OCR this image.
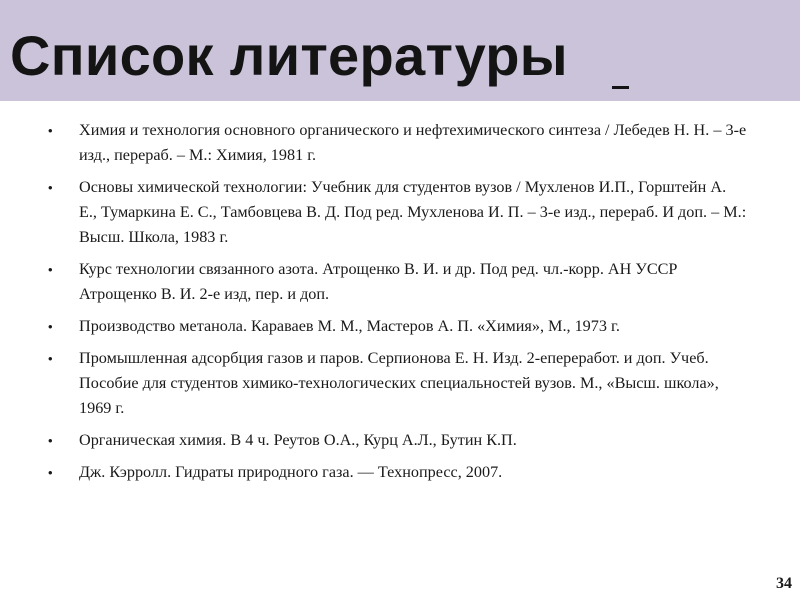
Список литературы
• Химия и технология основного органического и нефтехимического синтеза / Лебедев Н. Н. – 3-е изд., перераб. – М.: Химия, 1981 г.
• Основы химической технологии: Учебник для студентов вузов / Мухленов И.П., Горштейн А. Е., Тумаркина Е. С., Тамбовцева В. Д. Под ред. Мухленова И. П. – 3-е изд., перераб. И доп. – М.: Высш. Школа, 1983 г.
• Курс технологии связанного азота. Атрощенко В. И. и др. Под ред. чл.-корр. АН УССР Атрощенко В. И. 2-е изд, пер. и доп.
• Производство метанола. Караваев М. М., Мастеров А. П. «Химия», М., 1973 г.
• Промышленная адсорбция газов и паров. Серпионова Е. Н. Изд. 2-епереработ. и доп. Учеб. Пособие для студентов химико-технологических специальностей вузов. М., «Высш. школа», 1969 г.
• Органическая химия. В 4 ч. Реутов О.А., Курц А.Л., Бутин К.П.
• Дж. Кэрролл. Гидраты природного газа. — Технопресс, 2007.
34
